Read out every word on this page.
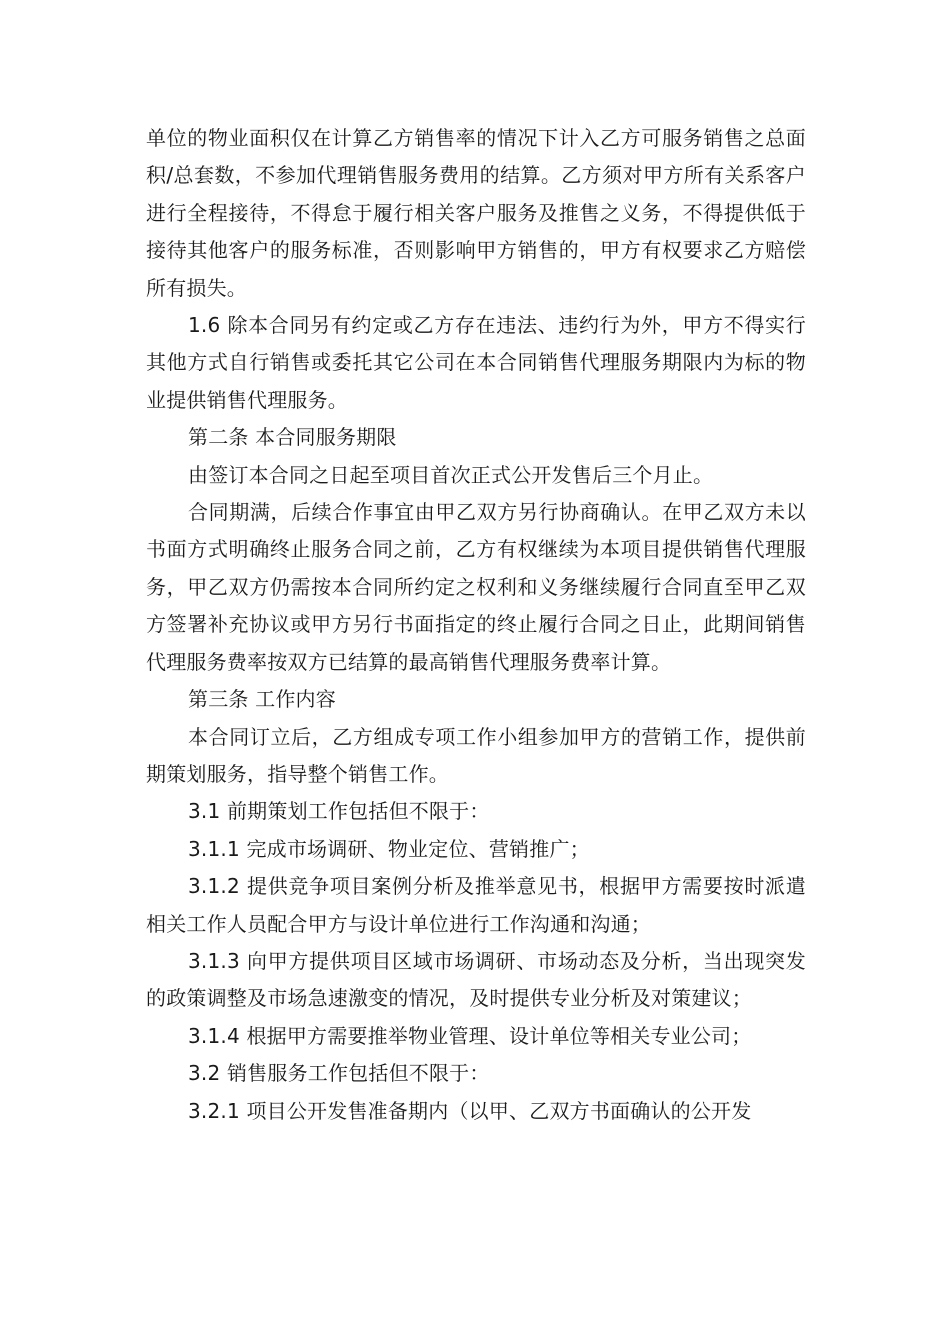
单位的物业面积仅在计算乙方销售率的情况下计入乙方可服务销售之总面积/总套数，不参加代理销售服务费用的结算。乙方须对甲方所有关系客户进行全程接待，不得怠于履行相关客户服务及推售之义务，不得提供低于接待其他客户的服务标准，否则影响甲方销售的，甲方有权要求乙方赔偿所有损失。

1.6 除本合同另有约定或乙方存在违法、违约行为外，甲方不得实行其他方式自行销售或委托其它公司在本合同销售代理服务期限内为标的物业提供销售代理服务。

第二条 本合同服务期限

由签订本合同之日起至项目首次正式公开发售后三个月止。

合同期满，后续合作事宜由甲乙双方另行协商确认。在甲乙双方未以书面方式明确终止服务合同之前，乙方有权继续为本项目提供销售代理服务，甲乙双方仍需按本合同所约定之权利和义务继续履行合同直至甲乙双方签署补充协议或甲方另行书面指定的终止履行合同之日止，此期间销售代理服务费率按双方已结算的最高销售代理服务费率计算。

第三条 工作内容

本合同订立后，乙方组成专项工作小组参加甲方的营销工作，提供前期策划服务，指导整个销售工作。

3.1 前期策划工作包括但不限于：

3.1.1 完成市场调研、物业定位、营销推广；

3.1.2 提供竞争项目案例分析及推举意见书，根据甲方需要按时派遣相关工作人员配合甲方与设计单位进行工作沟通和沟通；

3.1.3 向甲方提供项目区域市场调研、市场动态及分析，当出现突发的政策调整及市场急速激变的情况，及时提供专业分析及对策建议；

3.1.4 根据甲方需要推举物业管理、设计单位等相关专业公司；

3.2 销售服务工作包括但不限于：

3.2.1 项目公开发售准备期内（以甲、乙双方书面确认的公开发
